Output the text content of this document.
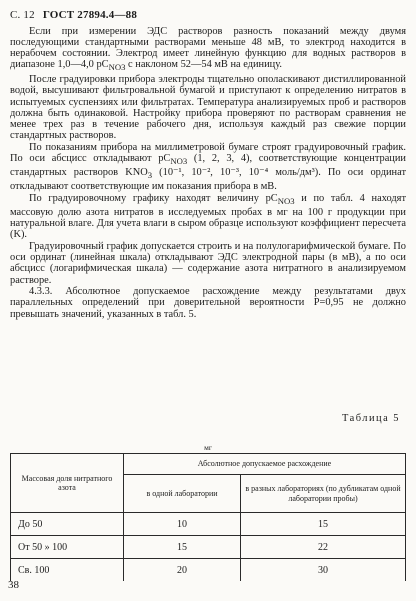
С. 12 ГОСТ 27894.4—88

Если при измерении ЭДС растворов разность показаний между двумя последующими стандартными растворами меньше 48 мВ, то электрод находится в нерабочем состоянии. Электрод имеет линейную функцию для водных растворов в диапазоне 1,0—4,0 $pC_{NO3}$ с наклоном 52—54 мВ на единицу.

После градуировки прибора электроды тщательно ополаскивают дистиллированной водой, высушивают фильтровальной бумагой и приступают к определению нитратов в испытуемых суспензиях или фильтратах. Температура анализируемых проб и растворов должна быть одинаковой. Настройку прибора проверяют по растворам сравнения не менее трех раз в течение рабочего дня, используя каждый раз свежие порции стандартных растворов.

По показаниям прибора на миллиметровой бумаге строят градуировочный график. По оси абсцисс откладывают $pC_{NO3}$ (1, 2, 3, 4), соответствующие концентрации стандартных растворов $KNO_3$ (10⁻¹, 10⁻², 10⁻³, 10⁻⁴ моль/дм³). По оси ординат откладывают соответствующие им показания прибора в мВ.

По градуировочному графику находят величину $pC_{NO3}$ и по табл. 4 находят массовую долю азота нитратов в исследуемых пробах в мг на 100 г продукции при натуральной влаге. Для учета влаги в сыром образце используют коэффициент пересчета (K).

Градуировочный график допускается строить и на полулогарифмической бумаге. По оси ординат (линейная шкала) откладывают ЭДС электродной пары (в мВ), а по оси абсцисс (логарифмическая шкала) — содержание азота нитратного в анализируемом растворе.

4.3.3. Абсолютное допускаемое расхождение между результатами двух параллельных определений при доверительной вероятности P=0,95 не должно превышать значений, указанных в табл. 5.

Таблица 5
мг
Массовая доля нитратного азота	Абсолютное допускаемое расхождение	
	в одной лаборатории	в разных лабораториях (по дубликатам одной лаборатории пробы)
До 50	10	15
От 50 » 100	15	22
Св. 100	20	30
38
